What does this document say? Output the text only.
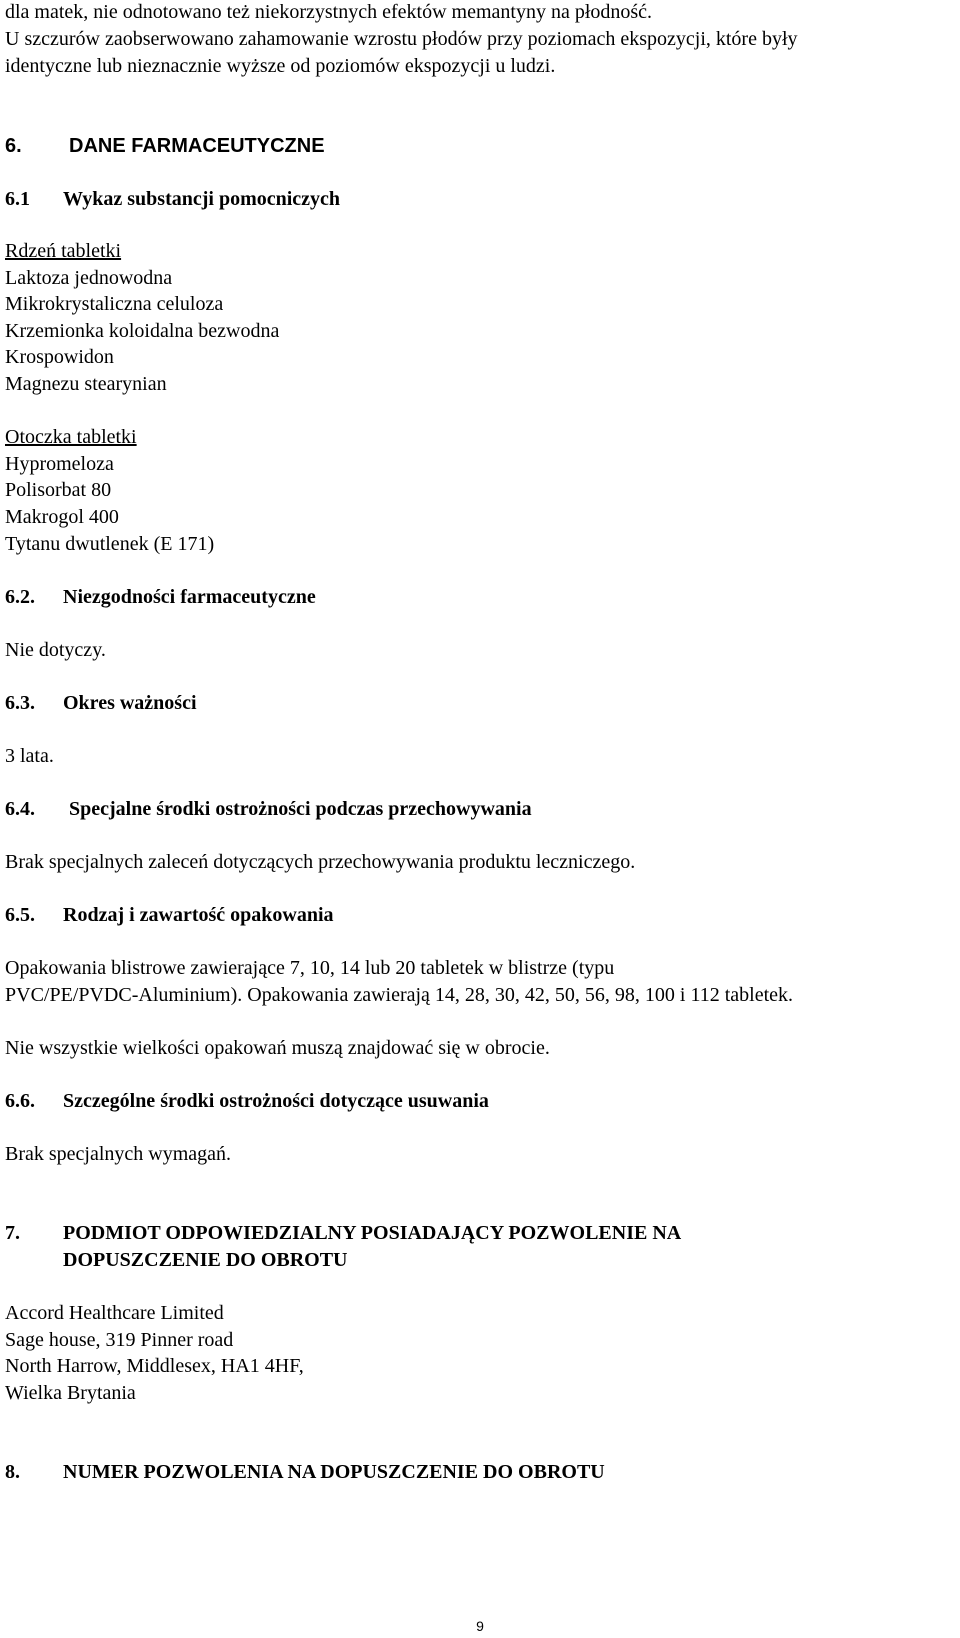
dla matek, nie odnotowano też niekorzystnych efektów memantyny na płodność.
U szczurów zaobserwowano zahamowanie wzrostu płodów przy poziomach ekspozycji, które były
identyczne lub nieznacznie wyższe od poziomów ekspozycji u ludzi.
6. DANE FARMACEUTYCZNE
6.1 Wykaz substancji pomocniczych
Rdzeń tabletki
Laktoza jednowodna
Mikrokrystaliczna celuloza
Krzemionka koloidalna bezwodna
Krospowidon
Magnezu stearynian
Otoczka tabletki
Hypromeloza
Polisorbat 80
Makrogol 400
Tytanu dwutlenek (E 171)
6.2. Niezgodności farmaceutyczne
Nie dotyczy.
6.3. Okres ważności
3 lata.
6.4. Specjalne środki ostrożności podczas przechowywania
Brak specjalnych zaleceń dotyczących przechowywania produktu leczniczego.
6.5. Rodzaj i zawartość opakowania
Opakowania blistrowe zawierające 7, 10, 14 lub 20 tabletek w blistrze (typu
PVC/PE/PVDC-Aluminium). Opakowania zawierają 14, 28, 30, 42, 50, 56, 98, 100 i 112 tabletek.
Nie wszystkie wielkości opakowań muszą znajdować się w obrocie.
6.6. Szczególne środki ostrożności dotyczące usuwania
Brak specjalnych wymagań.
7. PODMIOT ODPOWIEDZIALNY POSIADAJĄCY POZWOLENIE NA
DOPUSZCZENIE DO OBROTU
Accord Healthcare Limited
Sage house, 319 Pinner road
North Harrow, Middlesex, HA1 4HF,
Wielka Brytania
8. NUMER POZWOLENIA NA DOPUSZCZENIE DO OBROTU
9
